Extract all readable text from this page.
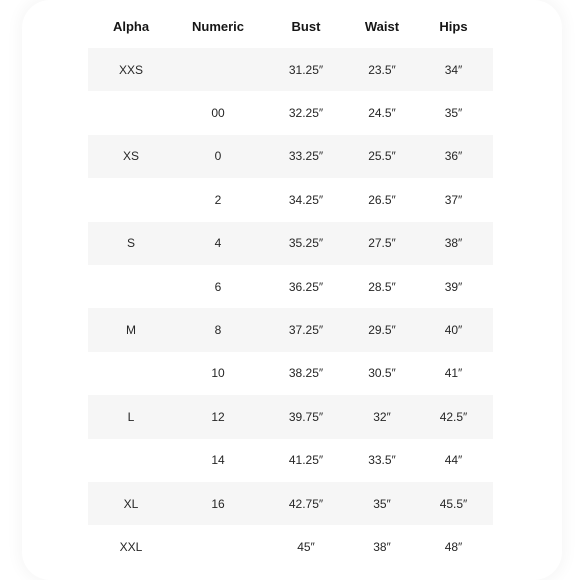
Alpha	Numeric	Bust	Waist	Hips
XXS		31.25″	23.5″	34″
	00	32.25″	24.5″	35″
XS	0	33.25″	25.5″	36″
	2	34.25″	26.5″	37″
S	4	35.25″	27.5″	38″
	6	36.25″	28.5″	39″
M	8	37.25″	29.5″	40″
	10	38.25″	30.5″	41″
L	12	39.75″	32″	42.5″
	14	41.25″	33.5″	44″
XL	16	42.75″	35″	45.5″
XXL		45″	38″	48″
